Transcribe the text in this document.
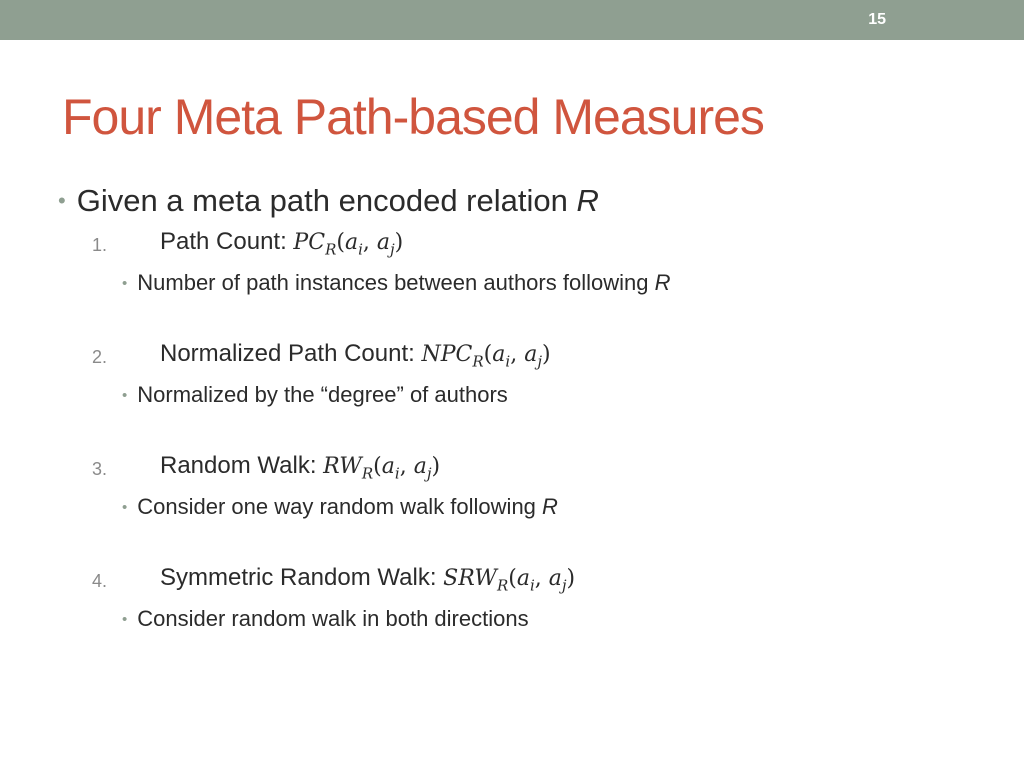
15
Four Meta Path-based Measures
• Given a meta path encoded relation R
1. Path Count: $PC_R(a_i$, $a_j$)
• Number of path instances between authors following R
2. Normalized Path Count: $NPC_R(a_i$, $a_j$)
• Normalized by the “degree” of authors
3. Random Walk: $RW_R(a_i$, $a_j$)
• Consider one way random walk following R
4. Symmetric Random Walk: $SRW_R(a_i$, $a_j$)
• Consider random walk in both directions
